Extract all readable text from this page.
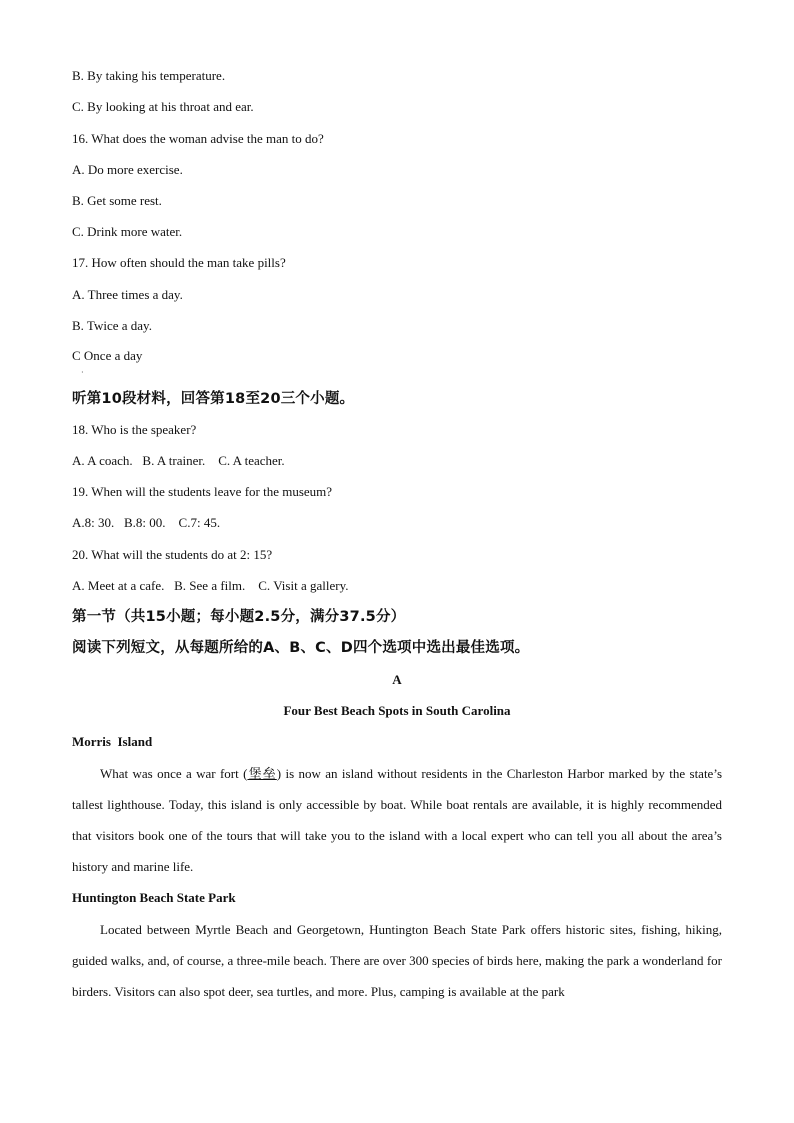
B. By taking his temperature.
C. By looking at his throat and ear.
16. What does the woman advise the man to do?
A. Do more exercise.
B. Get some rest.
C. Drink more water.
17. How often should the man take pills?
A. Three times a day.
B. Twice a day.
C Once a day
·
听第10段材料，回答第18至20三个小题。
18. Who is the speaker?
A. A coach.   B. A trainer.    C. A teacher.
19. When will the students leave for the museum?
A.8: 30.   B.8: 00.    C.7: 45.
20. What will the students do at 2: 15?
A. Meet at a cafe.   B. See a film.    C. Visit a gallery.
第一节（共15小题；每小题2.5分，满分37.5分）
阅读下列短文，从每题所给的A、B、C、D四个选项中选出最佳选项。
A
Four Best Beach Spots in South Carolina
Morris  Island
What was once a war fort (堡垒) is now an island without residents in the Charleston Harbor marked by the state’s tallest lighthouse. Today, this island is only accessible by boat. While boat rentals are available, it is highly recommended that visitors book one of the tours that will take you to the island with a local expert who can tell you all about the area’s history and marine life.
Huntington Beach State Park
Located between Myrtle Beach and Georgetown, Huntington Beach State Park offers historic sites, fishing, hiking, guided walks, and, of course, a three-mile beach. There are over 300 species of birds here, making the park a wonderland for birders. Visitors can also spot deer, sea turtles, and more. Plus, camping is available at the park
